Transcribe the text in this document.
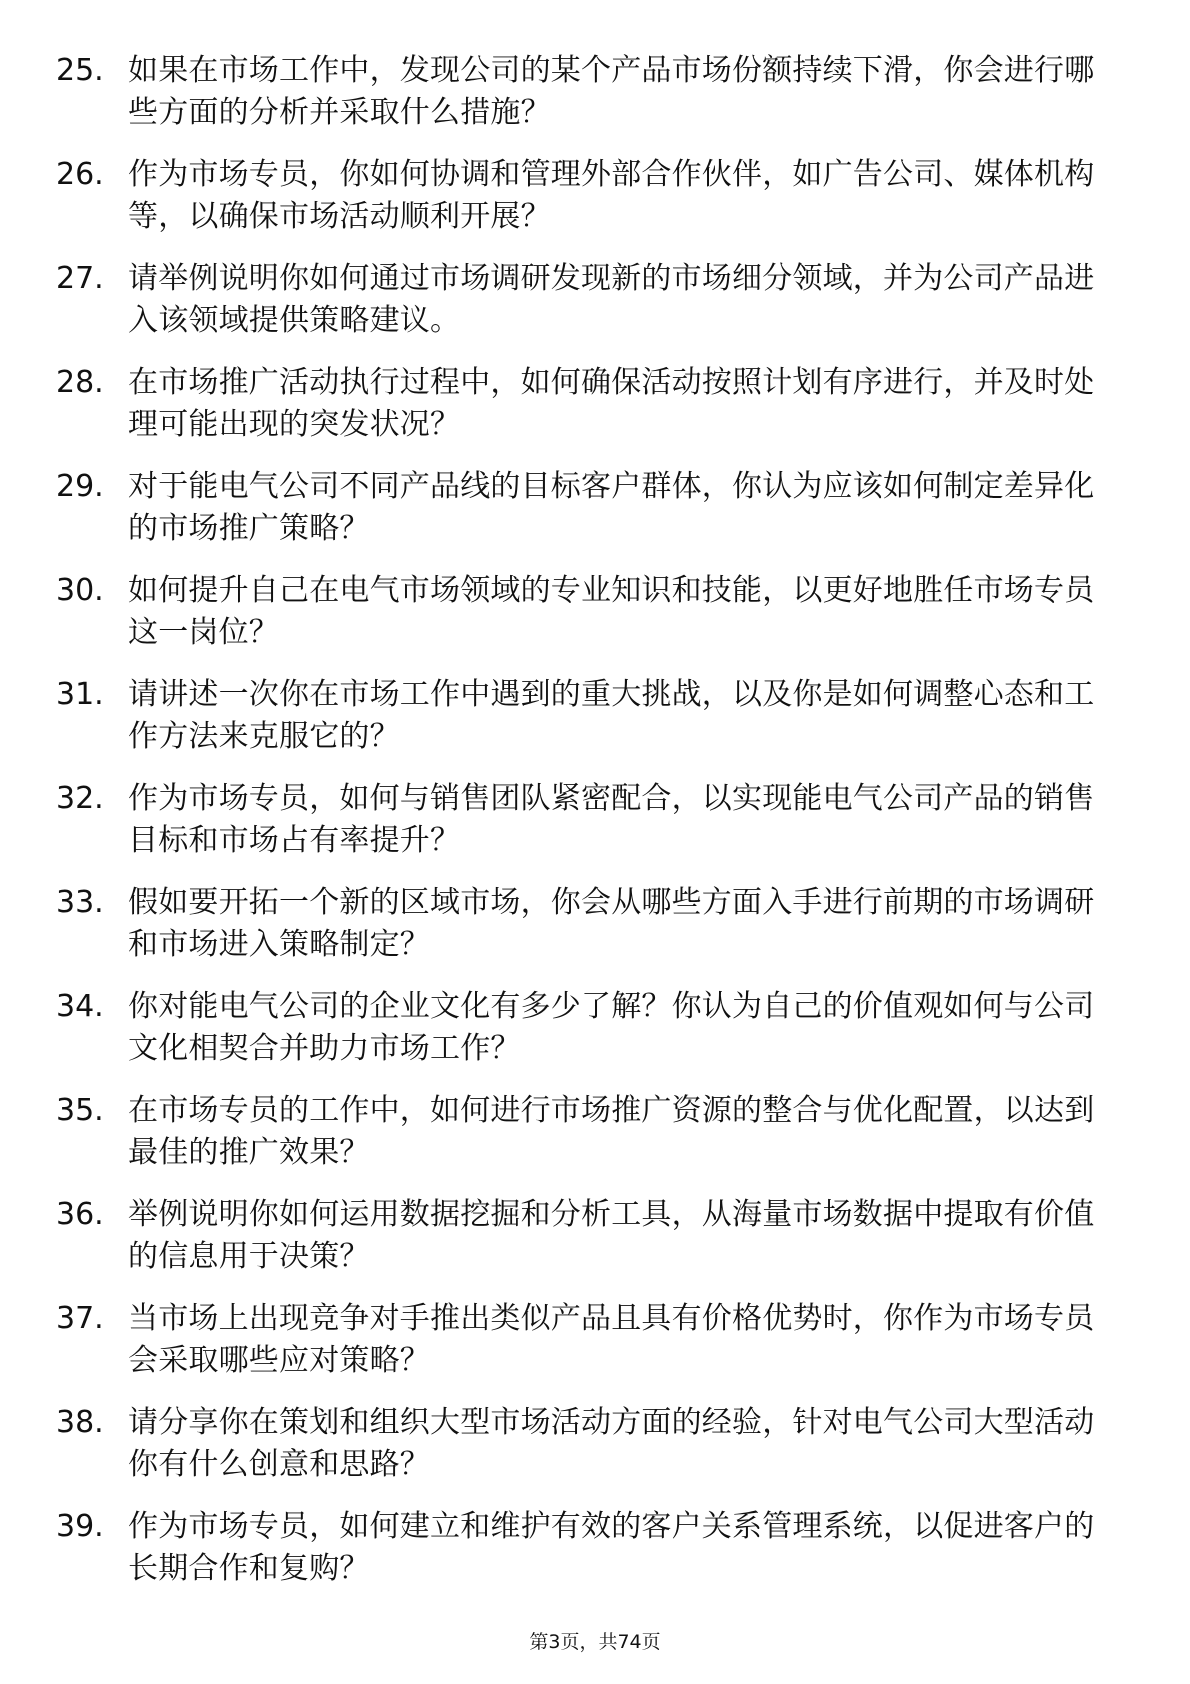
25. 如果在市场工作中，发现公司的某个产品市场份额持续下滑，你会进行哪些方面的分析并采取什么措施？
26. 作为市场专员，你如何协调和管理外部合作伙伴，如广告公司、媒体机构等，以确保市场活动顺利开展？
27. 请举例说明你如何通过市场调研发现新的市场细分领域，并为公司产品进入该领域提供策略建议。
28. 在市场推广活动执行过程中，如何确保活动按照计划有序进行，并及时处理可能出现的突发状况？
29. 对于能电气公司不同产品线的目标客户群体，你认为应该如何制定差异化的市场推广策略？
30. 如何提升自己在电气市场领域的专业知识和技能，以更好地胜任市场专员这一岗位？
31. 请讲述一次你在市场工作中遇到的重大挑战，以及你是如何调整心态和工作方法来克服它的？
32. 作为市场专员，如何与销售团队紧密配合，以实现能电气公司产品的销售目标和市场占有率提升？
33. 假如要开拓一个新的区域市场，你会从哪些方面入手进行前期的市场调研和市场进入策略制定？
34. 你对能电气公司的企业文化有多少了解？你认为自己的价值观如何与公司文化相契合并助力市场工作？
35. 在市场专员的工作中，如何进行市场推广资源的整合与优化配置，以达到最佳的推广效果？
36. 举例说明你如何运用数据挖掘和分析工具，从海量市场数据中提取有价值的信息用于决策？
37. 当市场上出现竞争对手推出类似产品且具有价格优势时，你作为市场专员会采取哪些应对策略？
38. 请分享你在策划和组织大型市场活动方面的经验，针对电气公司大型活动你有什么创意和思路？
39. 作为市场专员，如何建立和维护有效的客户关系管理系统，以促进客户的长期合作和复购？
第3页，共74页
